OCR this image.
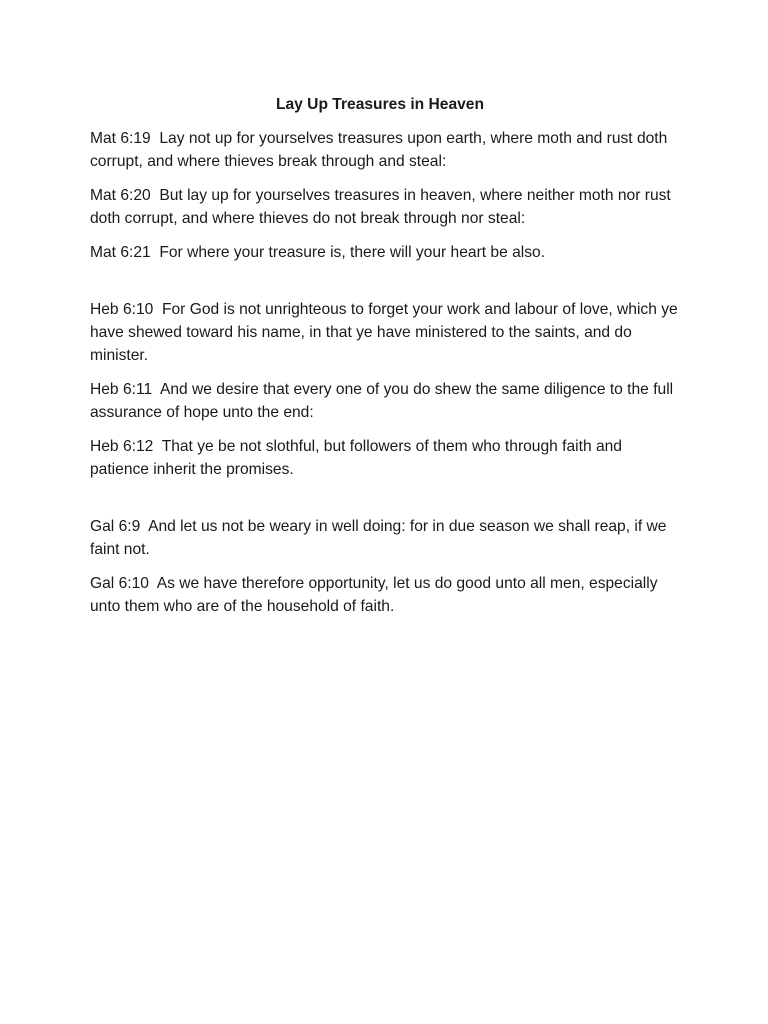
Lay Up Treasures in Heaven

Mat 6:19 Lay not up for yourselves treasures upon earth, where moth and rust doth corrupt, and where thieves break through and steal:

Mat 6:20 But lay up for yourselves treasures in heaven, where neither moth nor rust doth corrupt, and where thieves do not break through nor steal:

Mat 6:21 For where your treasure is, there will your heart be also.

Heb 6:10 For God is not unrighteous to forget your work and labour of love, which ye have shewed toward his name, in that ye have ministered to the saints, and do minister.

Heb 6:11 And we desire that every one of you do shew the same diligence to the full assurance of hope unto the end:

Heb 6:12 That ye be not slothful, but followers of them who through faith and patience inherit the promises.

Gal 6:9 And let us not be weary in well doing: for in due season we shall reap, if we faint not.

Gal 6:10 As we have therefore opportunity, let us do good unto all men, especially unto them who are of the household of faith.
